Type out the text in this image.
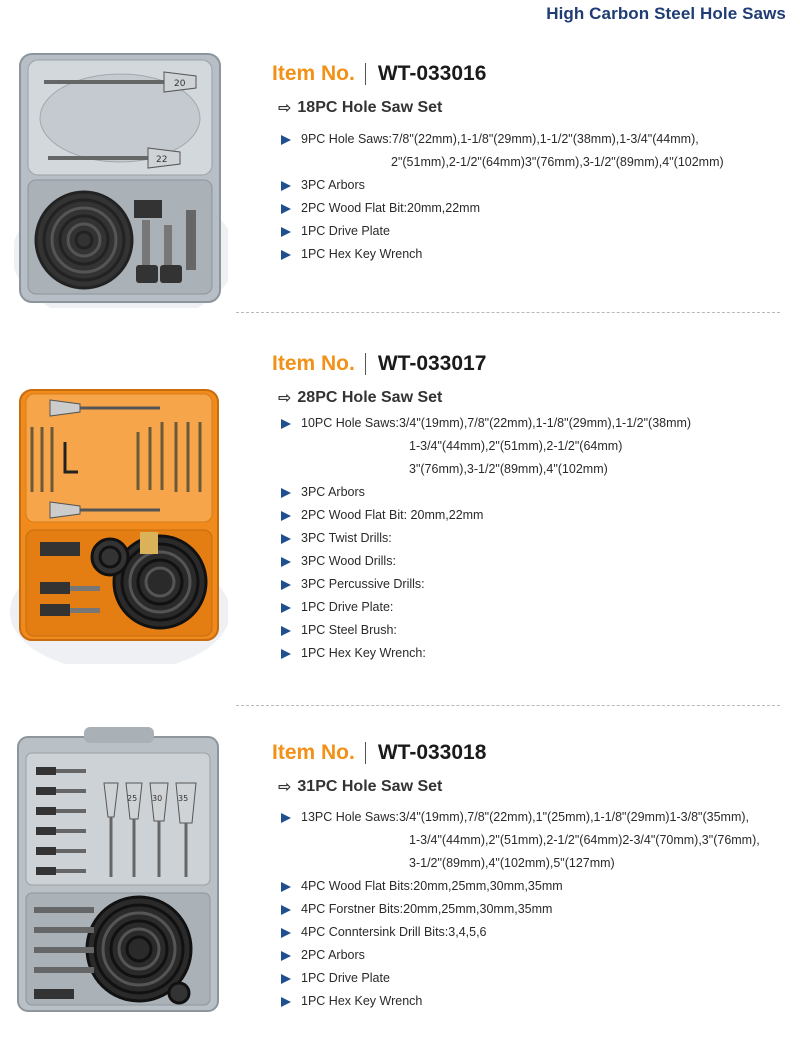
High Carbon Steel Hole Saws
20
22
Item No. WT-033016
⇨ 18PC Hole Saw Set
9PC Hole Saws:7/8"(22mm),1-1/8"(29mm),1-1/2"(38mm),1-3/4"(44mm),
2"(51mm),2-1/2"(64mm)3"(76mm),3-1/2"(89mm),4"(102mm)
3PC Arbors
2PC Wood Flat Bit:20mm,22mm
1PC Drive Plate
1PC Hex Key Wrench
Item No. WT-033017
⇨ 28PC Hole Saw Set
10PC Hole Saws:3/4"(19mm),7/8"(22mm),1-1/8"(29mm),1-1/2"(38mm)
1-3/4"(44mm),2"(51mm),2-1/2"(64mm)
3"(76mm),3-1/2"(89mm),4"(102mm)
3PC Arbors
2PC Wood Flat Bit: 20mm,22mm
3PC Twist Drills:
3PC Wood Drills:
3PC Percussive Drills:
1PC Drive Plate:
1PC Steel Brush:
1PC Hex Key Wrench:
25 30 35
Item No. WT-033018
⇨ 31PC Hole Saw Set
13PC Hole Saws:3/4"(19mm),7/8"(22mm),1"(25mm),1-1/8"(29mm)1-3/8"(35mm),
1-3/4"(44mm),2"(51mm),2-1/2"(64mm)2-3/4"(70mm),3"(76mm),
3-1/2"(89mm),4"(102mm),5"(127mm)
4PC Wood Flat Bits:20mm,25mm,30mm,35mm
4PC Forstner Bits:20mm,25mm,30mm,35mm
4PC Conntersink Drill Bits:3,4,5,6
2PC Arbors
1PC Drive Plate
1PC Hex Key Wrench
